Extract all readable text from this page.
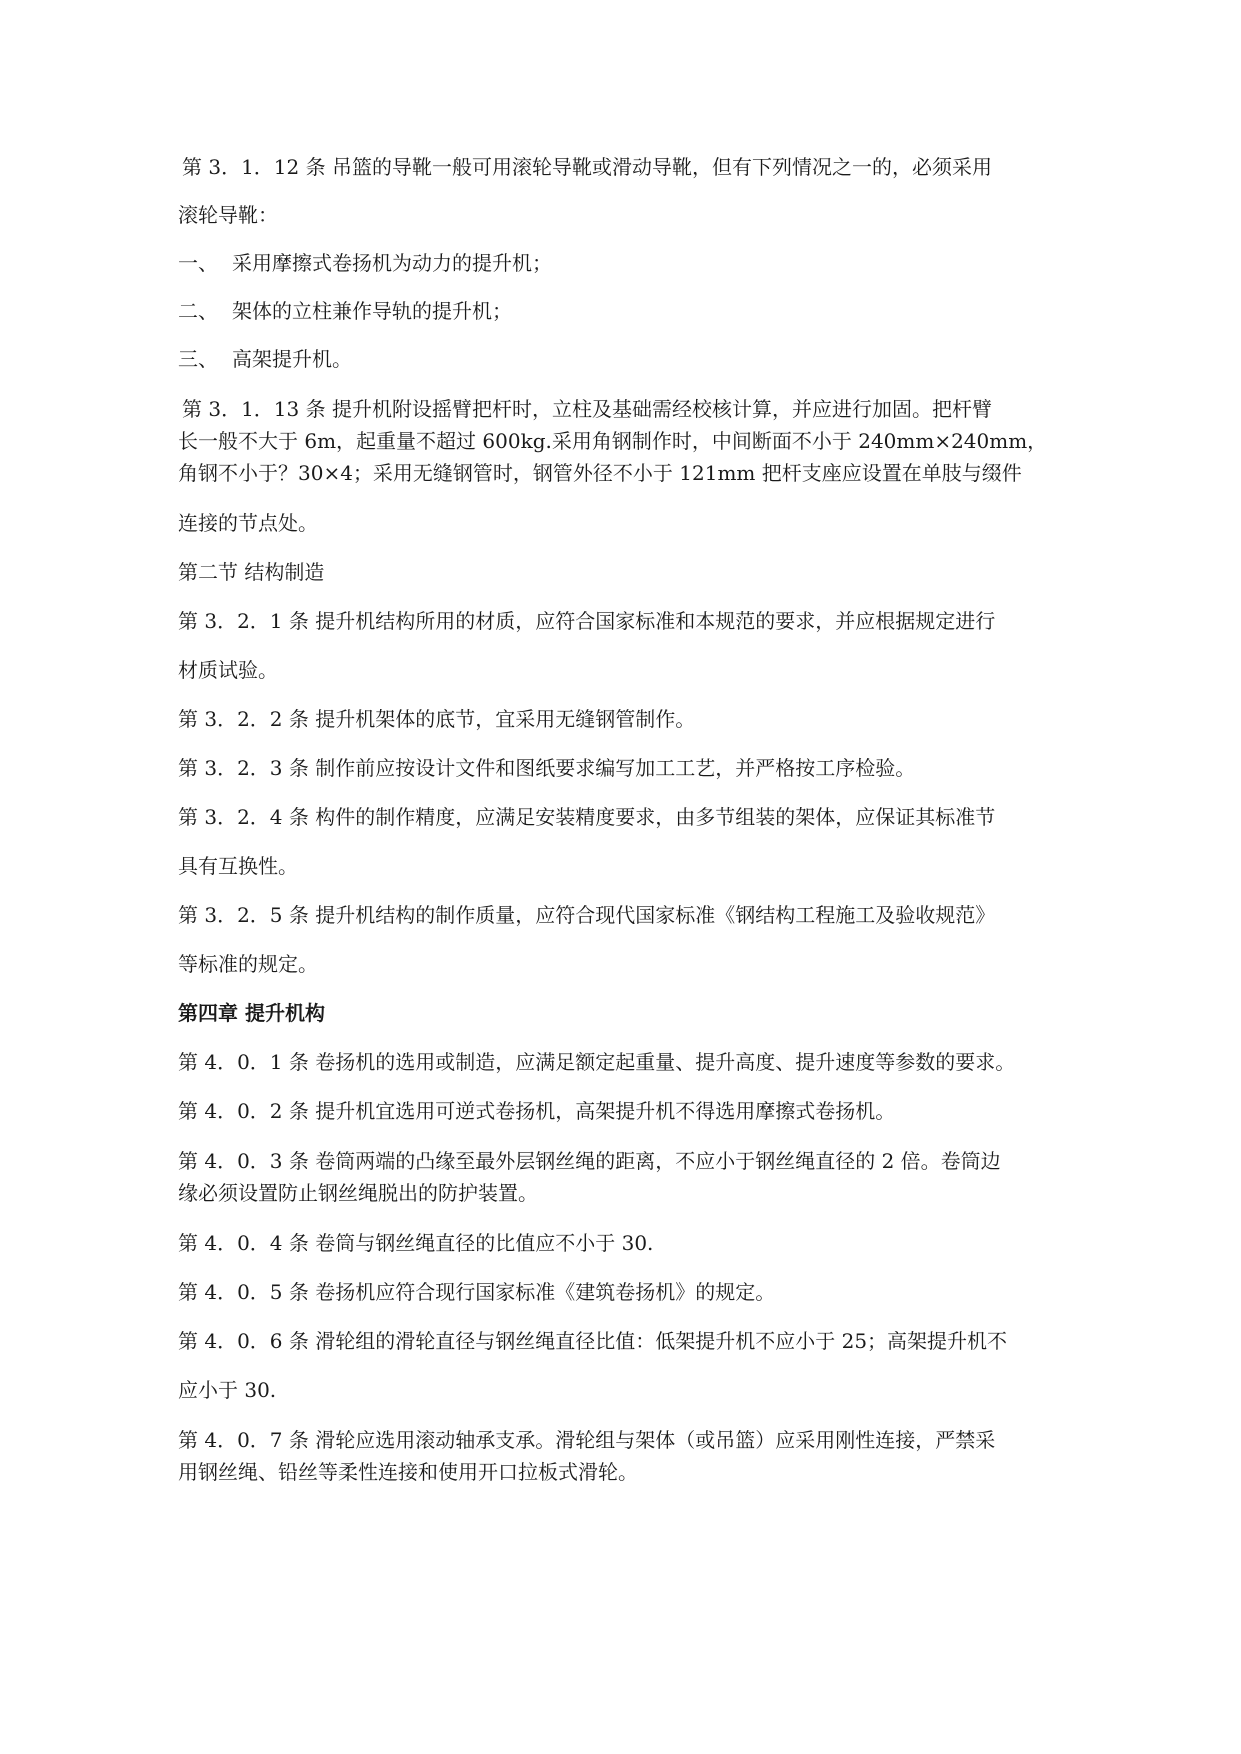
第 3．1．12 条 吊篮的导靴一般可用滚轮导靴或滑动导靴，但有下列情况之一的，必须采用

滚轮导靴：

一、 采用摩擦式卷扬机为动力的提升机；

二、 架体的立柱兼作导轨的提升机；

三、 高架提升机。

第 3．1．13 条 提升机附设摇臂把杆时，立柱及基础需经校核计算，并应进行加固。把杆臂

长一般不大于 6m，起重量不超过 600kg.采用角钢制作时，中间断面不小于 240mm×240mm，

角钢不小于？30×4；采用无缝钢管时，钢管外径不小于 121mm 把杆支座应设置在单肢与缀件

连接的节点处。

第二节 结构制造

第 3．2．1 条 提升机结构所用的材质，应符合国家标准和本规范的要求，并应根据规定进行

材质试验。

第 3．2．2 条 提升机架体的底节，宜采用无缝钢管制作。

第 3．2．3 条 制作前应按设计文件和图纸要求编写加工工艺，并严格按工序检验。

第 3．2．4 条 构件的制作精度，应满足安装精度要求，由多节组装的架体，应保证其标准节

具有互换性。

第 3．2．5 条 提升机结构的制作质量，应符合现代国家标准《钢结构工程施工及验收规范》

等标准的规定。

第四章 提升机构

第 4．0．1 条 卷扬机的选用或制造，应满足额定起重量、提升高度、提升速度等参数的要求。

第 4．0．2 条 提升机宜选用可逆式卷扬机，高架提升机不得选用摩擦式卷扬机。

第 4．0．3 条 卷筒两端的凸缘至最外层钢丝绳的距离，不应小于钢丝绳直径的 2 倍。卷筒边

缘必须设置防止钢丝绳脱出的防护装置。

第 4．0．4 条 卷筒与钢丝绳直径的比值应不小于 30.

第 4．0．5 条 卷扬机应符合现行国家标准《建筑卷扬机》的规定。

第 4．0．6 条 滑轮组的滑轮直径与钢丝绳直径比值：低架提升机不应小于 25；高架提升机不

应小于 30.

第 4．0．7 条 滑轮应选用滚动轴承支承。滑轮组与架体（或吊篮）应采用刚性连接，严禁采

用钢丝绳、铅丝等柔性连接和使用开口拉板式滑轮。
